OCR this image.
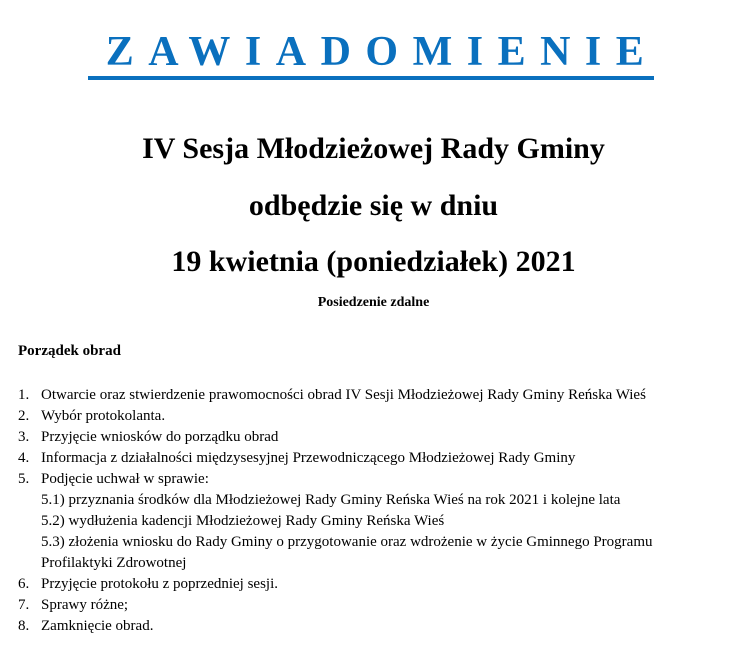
ZAWIADOMIENIE
IV Sesja Młodzieżowej Rady Gminy
odbędzie się w dniu
19 kwietnia (poniedziałek) 2021
Posiedzenie zdalne
Porządek obrad
1. Otwarcie oraz stwierdzenie prawomocności obrad IV Sesji Młodzieżowej Rady Gminy Reńska Wieś
2. Wybór protokolanta.
3. Przyjęcie wniosków do porządku obrad
4. Informacja z działalności międzysesyjnej Przewodniczącego Młodzieżowej Rady Gminy
5. Podjęcie uchwał w sprawie:
5.1) przyznania środków dla Młodzieżowej Rady Gminy Reńska Wieś na rok 2021 i kolejne lata
5.2) wydłużenia kadencji Młodzieżowej Rady Gminy Reńska Wieś
5.3) złożenia wniosku do Rady Gminy o przygotowanie oraz wdrożenie w życie Gminnego Programu
Profilaktyki Zdrowotnej
6. Przyjęcie protokołu z poprzedniej sesji.
7. Sprawy różne;
8. Zamknięcie obrad.
